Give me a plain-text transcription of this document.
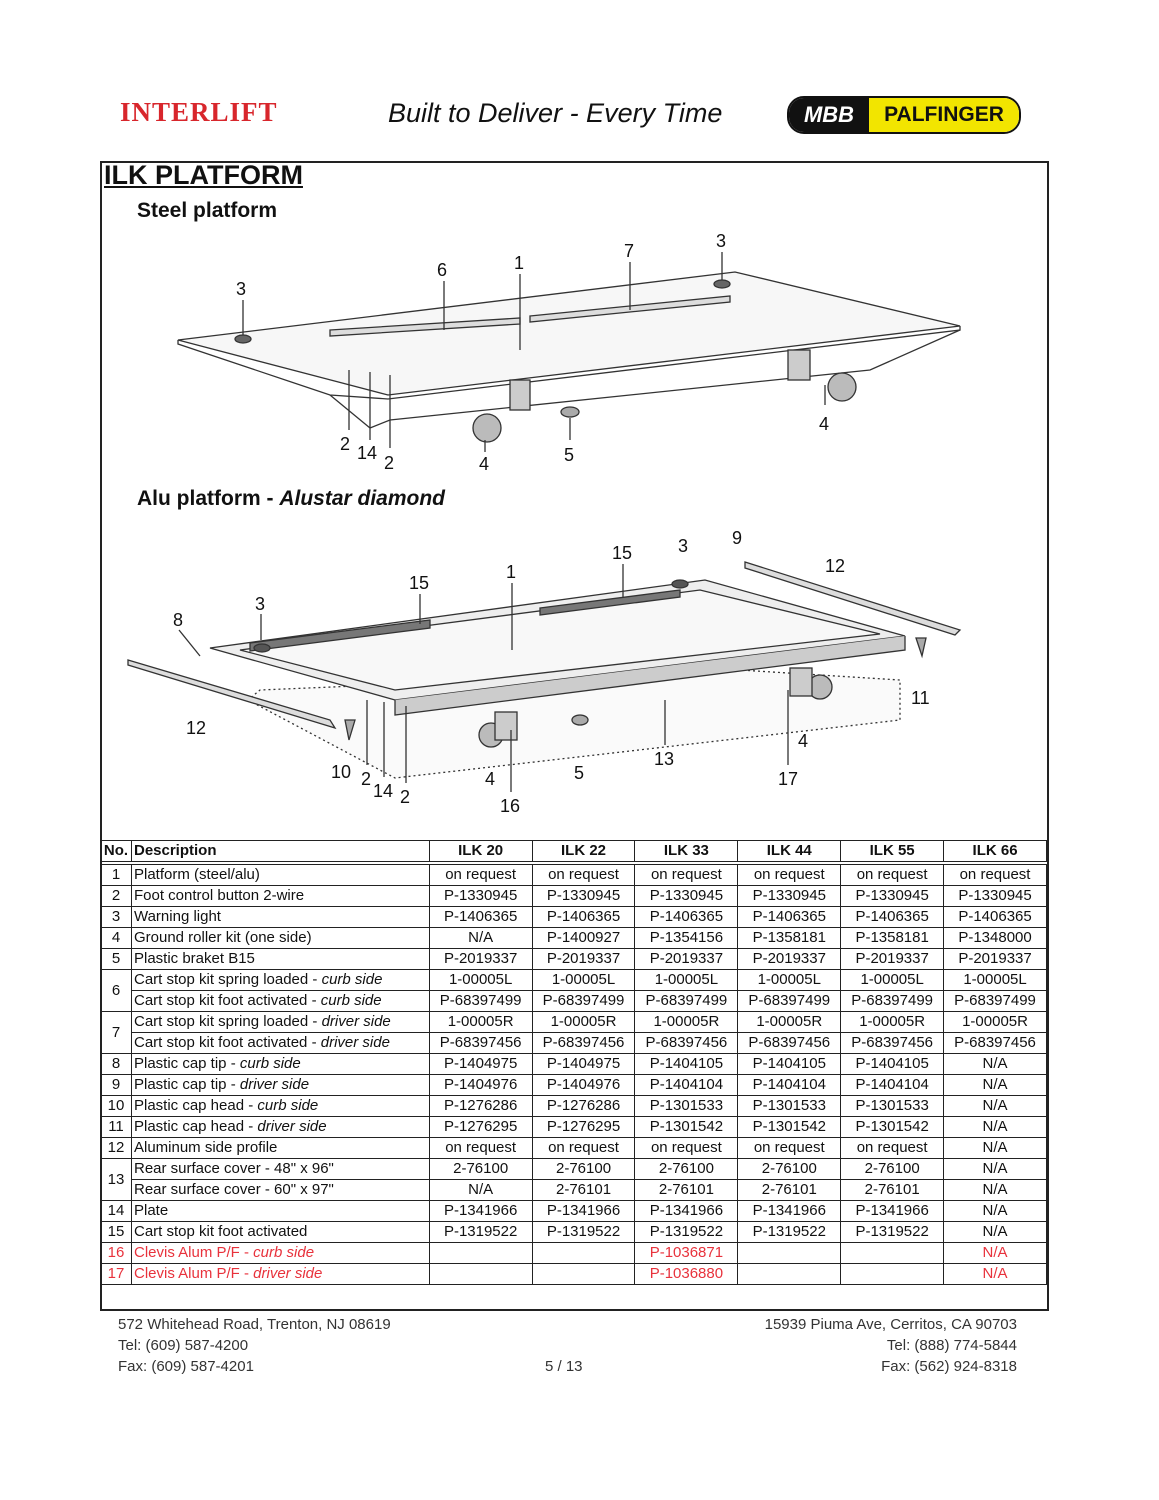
INTERLIFT	Built to Deliver - Every Time	MBB	PALFINGER
ILK PLATFORM
Steel platform
Alu platform - Alustar diamond
3
6	1
7	3
4
2 14 2	4	5
15	3 9
15
1	12
3
8
11
12
4
13
17
10 2
14 2
4	5
16
No.	Description	ILK 20	ILK 22	ILK 33	ILK 44	ILK 55	ILK 66
1	Platform (steel/alu)	on request	on request	on request	on request	on request	on request
2	Foot control button 2-wire	P-1330945	P-1330945	P-1330945	P-1330945	P-1330945	P-1330945
3	Warning light	P-1406365	P-1406365	P-1406365	P-1406365	P-1406365	P-1406365
4	Ground roller kit (one side)	N/A	P-1400927	P-1354156	P-1358181	P-1358181	P-1348000
5	Plastic braket B15	P-2019337	P-2019337	P-2019337	P-2019337	P-2019337	P-2019337
6	Cart stop kit spring loaded - curb side	1-00005L	1-00005L	1-00005L	1-00005L	1-00005L	1-00005L
	Cart stop kit foot activated - curb side	P-68397499	P-68397499	P-68397499	P-68397499	P-68397499	P-68397499
7	Cart stop kit spring loaded - driver side	1-00005R	1-00005R	1-00005R	1-00005R	1-00005R	1-00005R
	Cart stop kit foot activated - driver side	P-68397456	P-68397456	P-68397456	P-68397456	P-68397456	P-68397456
8	Plastic cap tip - curb side	P-1404975	P-1404975	P-1404105	P-1404105	P-1404105	N/A
9	Plastic cap tip - driver side	P-1404976	P-1404976	P-1404104	P-1404104	P-1404104	N/A
10	Plastic cap head - curb side	P-1276286	P-1276286	P-1301533	P-1301533	P-1301533	N/A
11	Plastic cap head - driver side	P-1276295	P-1276295	P-1301542	P-1301542	P-1301542	N/A
12	Aluminum side profile	on request	on request	on request	on request	on request	N/A
13	Rear surface cover - 48" x 96"	2-76100	2-76100	2-76100	2-76100	2-76100	N/A
	Rear surface cover - 60" x 97"	N/A	2-76101	2-76101	2-76101	2-76101	N/A
14	Plate	P-1341966	P-1341966	P-1341966	P-1341966	P-1341966	N/A
15	Cart stop kit foot activated	P-1319522	P-1319522	P-1319522	P-1319522	P-1319522	N/A
16	Clevis Alum P/F - curb side			P-1036871			N/A
17	Clevis Alum P/F - driver side			P-1036880			N/A
572 Whitehead Road, Trenton, NJ 08619
Tel: (609) 587-4200
Fax: (609) 587-4201	5 / 13
15939 Piuma Ave, Cerritos, CA 90703
Tel: (888) 774-5844
Fax: (562) 924-8318
